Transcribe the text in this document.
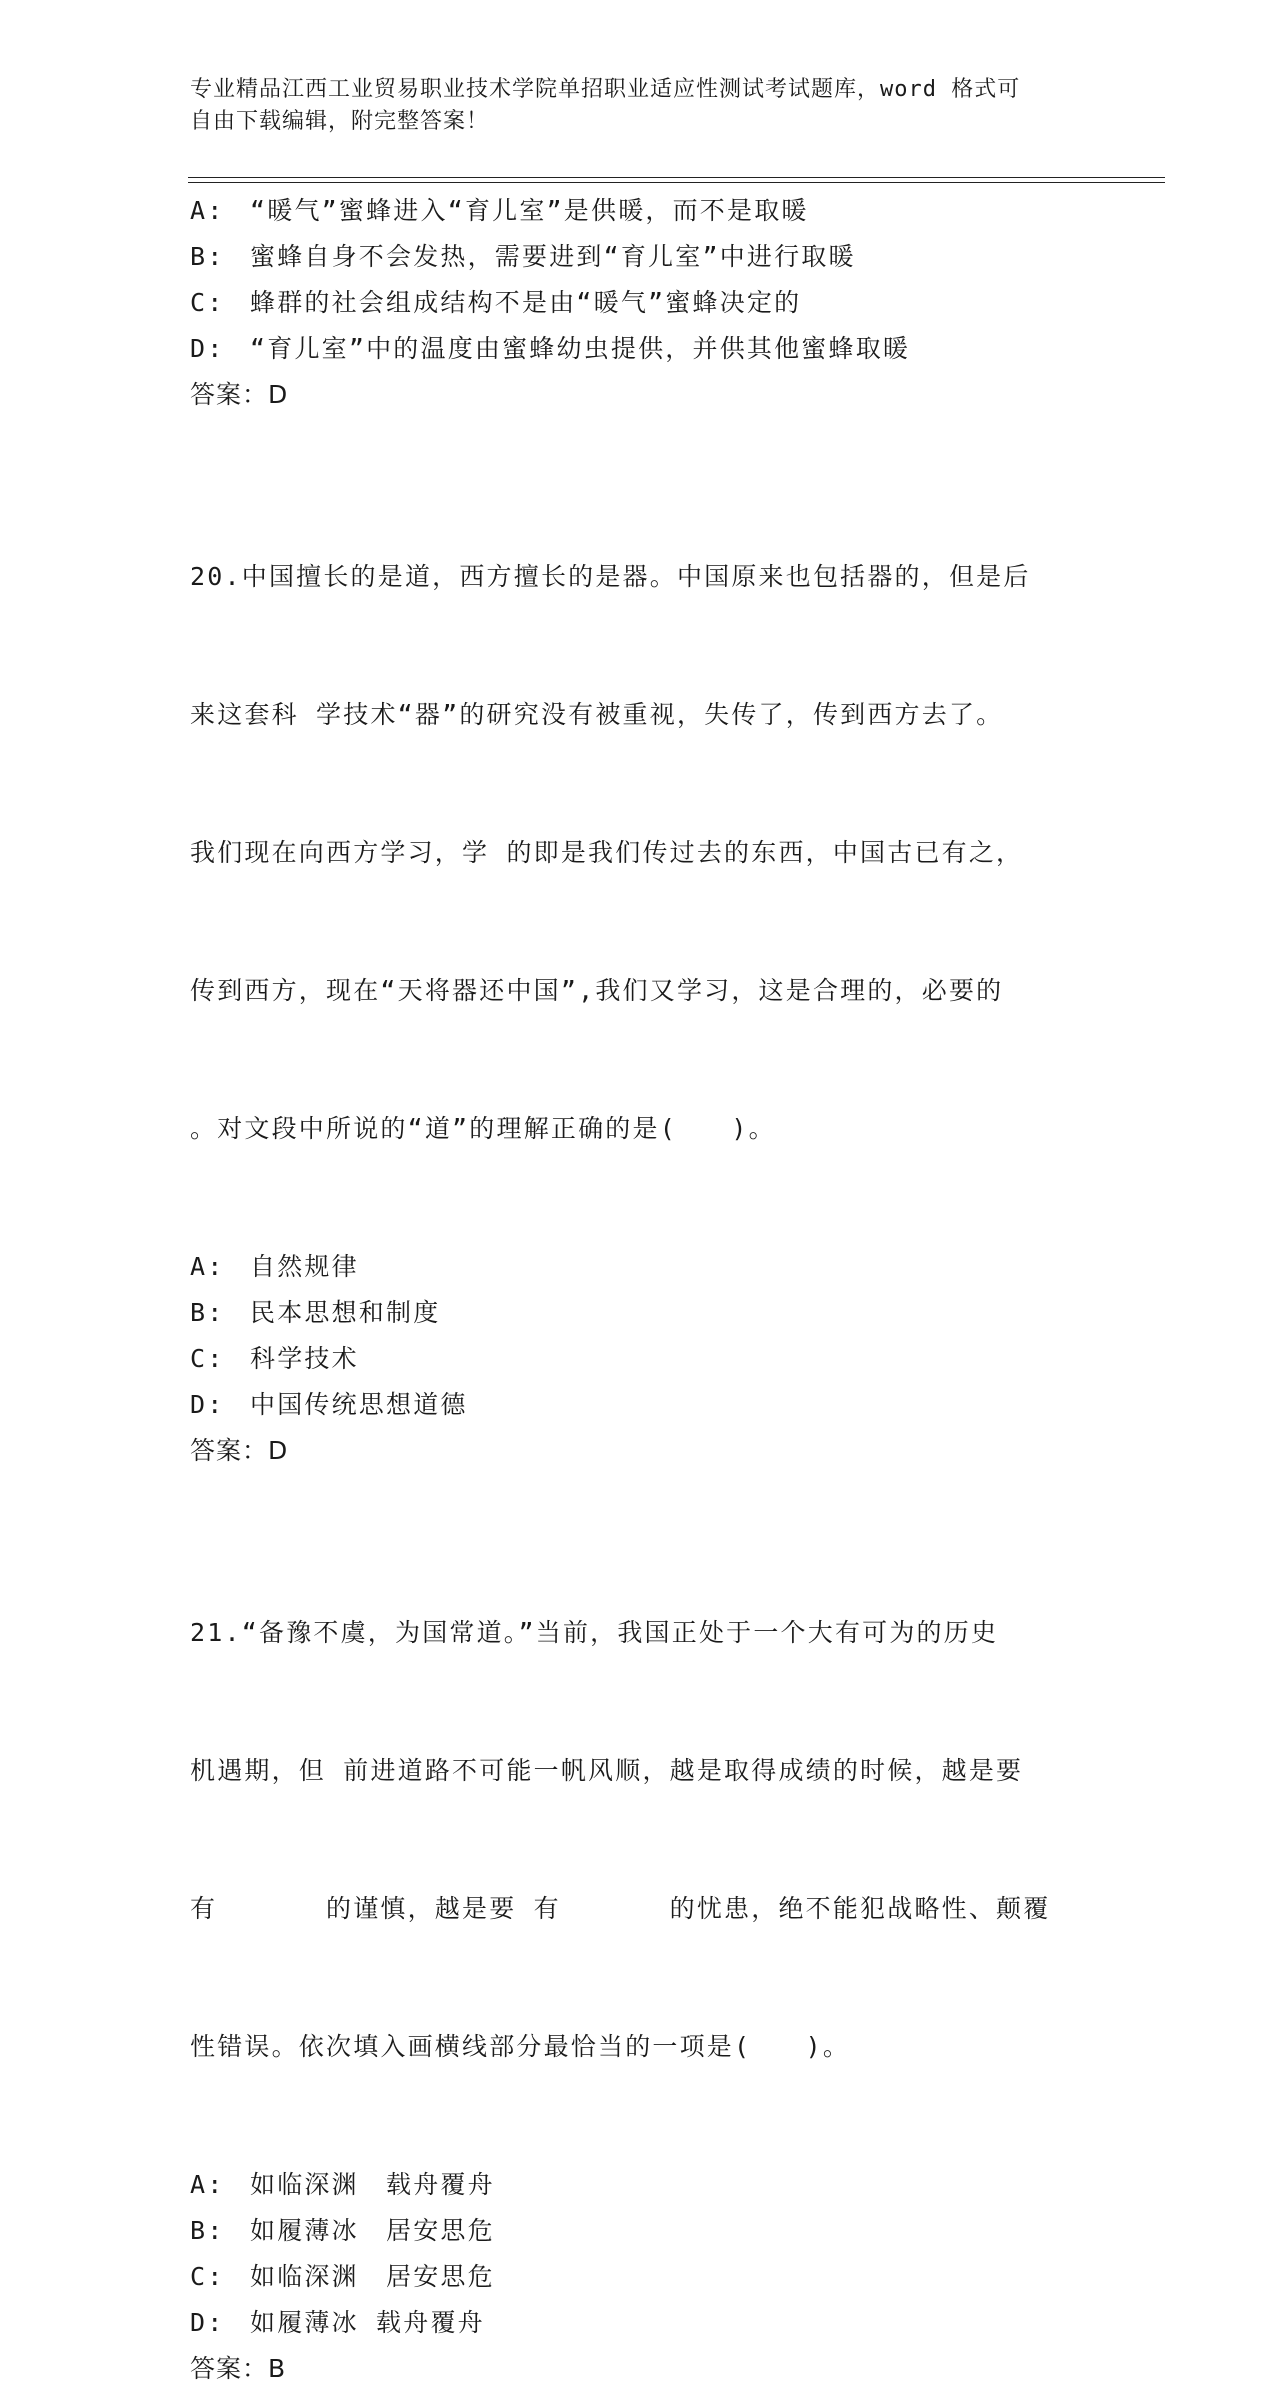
专业精品江西工业贸易职业技术学院单招职业适应性测试考试题库，word 格式可
自由下载编辑，附完整答案！
A: “暖气”蜜蜂进入“育儿室”是供暖，而不是取暖
B: 蜜蜂自身不会发热，需要进到“育儿室”中进行取暖
C: 蜂群的社会组成结构不是由“暖气”蜜蜂决定的
D: “育儿室”中的温度由蜜蜂幼虫提供，并供其他蜜蜂取暖
答案：D

20.中国擅长的是道，西方擅长的是器。中国原来也包括器的，但是后

来这套科 学技术“器”的研究没有被重视，失传了，传到西方去了。

我们现在向西方学习，学 的即是我们传过去的东西，中国古已有之，

传到西方，现在“天将器还中国”,我们又学习，这是合理的，必要的

。对文段中所说的“道”的理解正确的是(　　)。

A: 自然规律
B: 民本思想和制度
C: 科学技术
D: 中国传统思想道德
答案：D

21.“备豫不虞，为国常道。”当前，我国正处于一个大有可为的历史

机遇期，但 前进道路不可能一帆风顺，越是取得成绩的时候，越是要

有　　　　的谨慎，越是要 有　　　　的忧患，绝不能犯战略性、颠覆

性错误。依次填入画横线部分最恰当的一项是(　　)。

A: 如临深渊　载舟覆舟
B: 如履薄冰　居安思危
C: 如临深渊　居安思危
D: 如履薄冰 载舟覆舟
答案：B
